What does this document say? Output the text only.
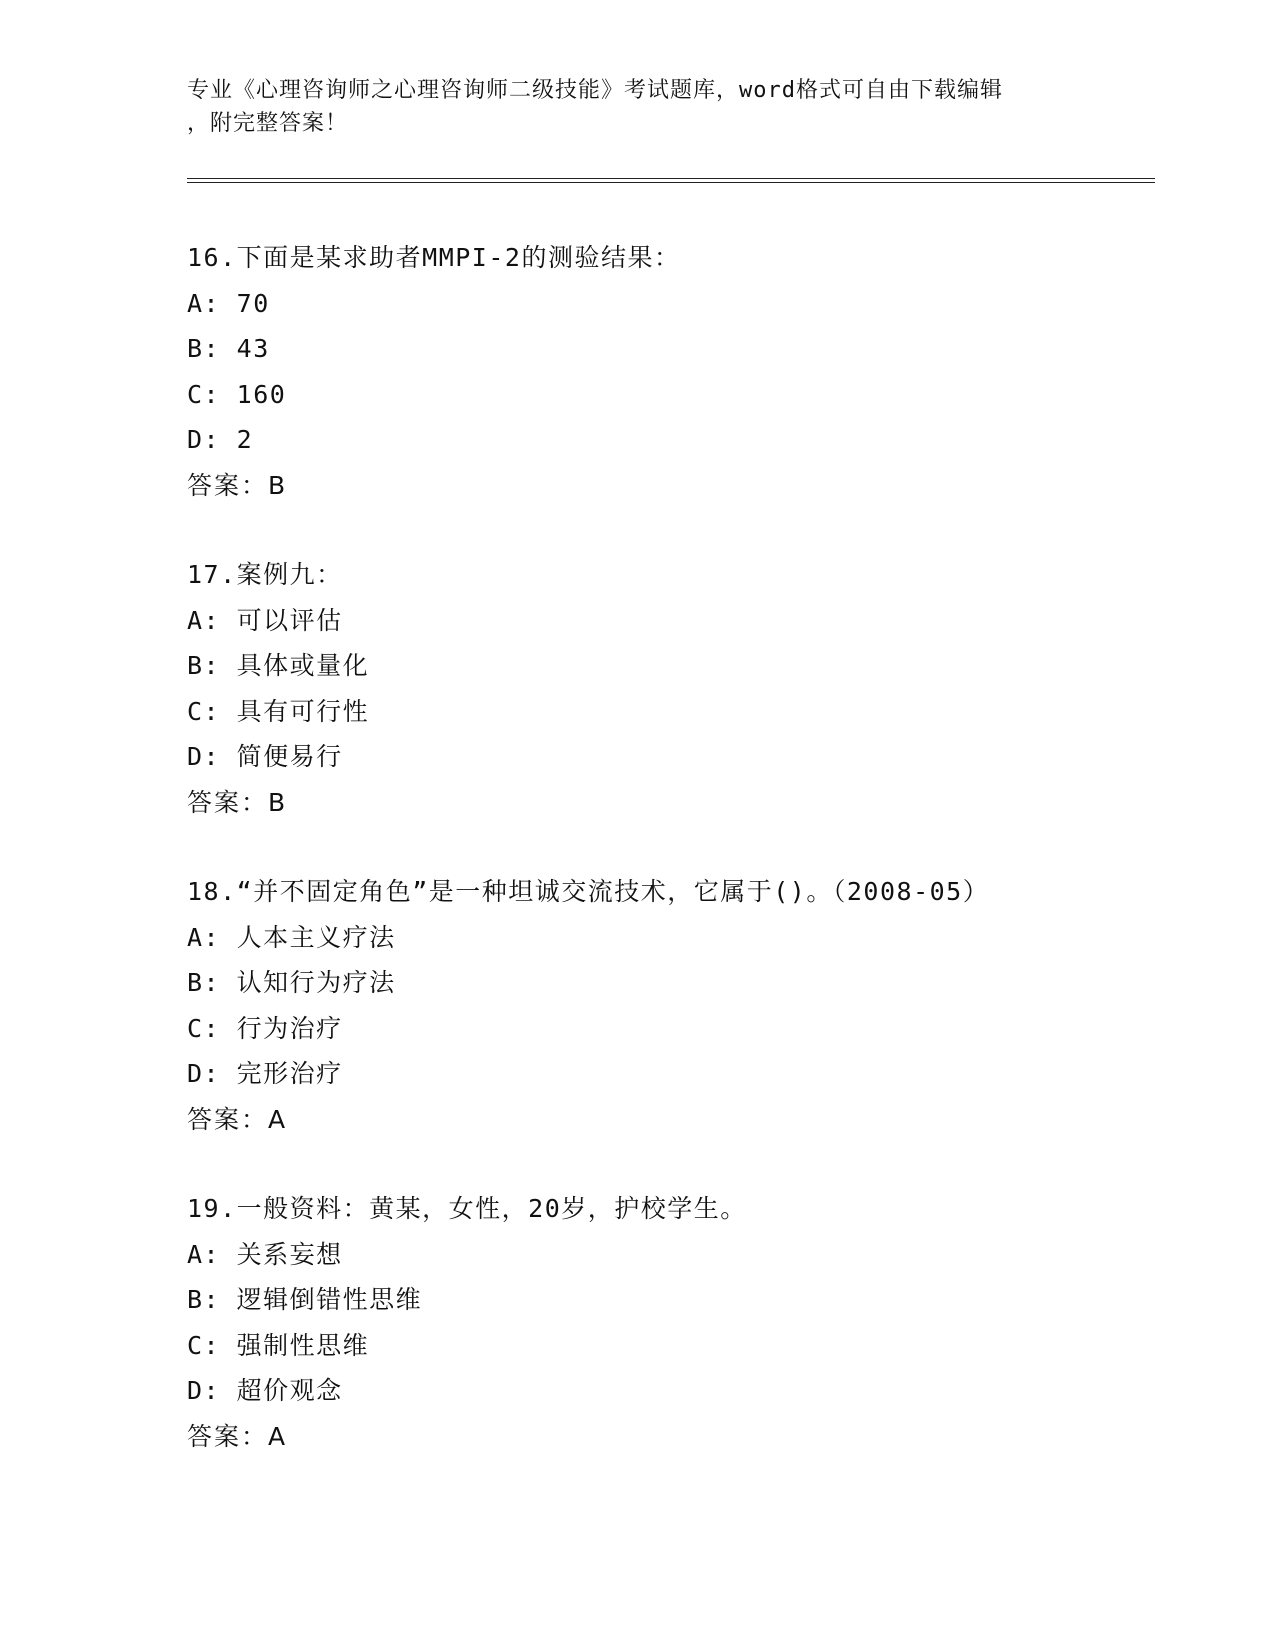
专业《心理咨询师之心理咨询师二级技能》考试题库，word格式可自由下载编辑
，附完整答案！
16.下面是某求助者MMPI-2的测验结果：
A: 70
B: 43
C: 160
D: 2
答案：B
17.案例九：
A: 可以评估
B: 具体或量化
C: 具有可行性
D: 简便易行
答案：B
18.“并不固定角色”是一种坦诚交流技术，它属于()。（2008-05）
A: 人本主义疗法
B: 认知行为疗法
C: 行为治疗
D: 完形治疗
答案：A
19.一般资料：黄某，女性，20岁，护校学生。
A: 关系妄想
B: 逻辑倒错性思维
C: 强制性思维
D: 超价观念
答案：A
